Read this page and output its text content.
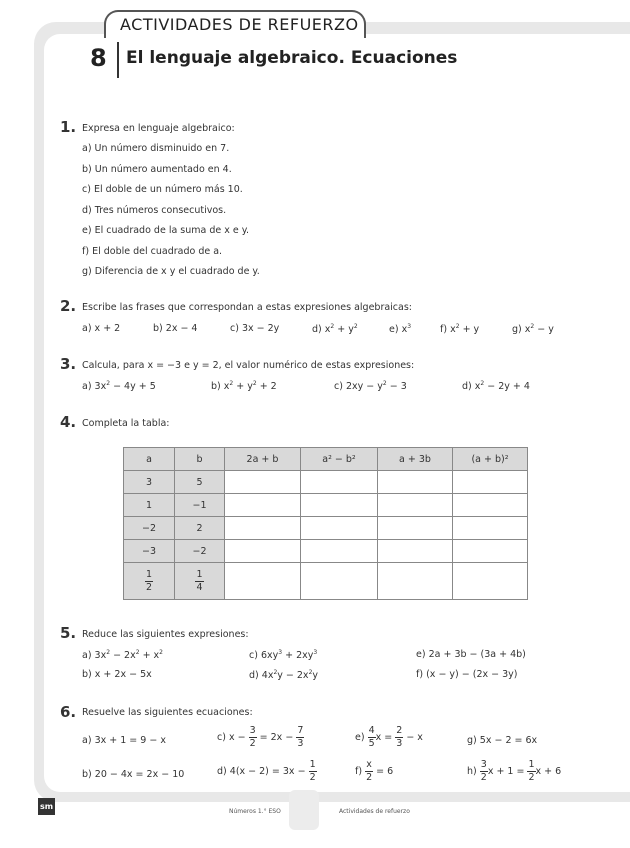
ACTIVIDADES DE REFUERZO
8 El lenguaje algebraico. Ecuaciones
1. Expresa en lenguaje algebraico:
a) Un número disminuido en 7.
b) Un número aumentado en 4.
c) El doble de un número más 10.
d) Tres números consecutivos.
e) El cuadrado de la suma de x e y.
f) El doble del cuadrado de a.
g) Diferencia de x y el cuadrado de y.
2. Escribe las frases que correspondan a estas expresiones algebraicas:
a) x + 2	b) 2x − 4	c) 3x − 2y	d) $x^2 + y^2$	e) $x^3$	f) $x^2 + y$	g) $x^2 - y$
3. Calcula, para x = −3 e y = 2, el valor numérico de estas expresiones:
a) $3x^2 - 4y + 5$	b) $x^2 + y^2 + 2$	c) $2xy - y^2 - 3$	d) $x^2 - 2y + 4$
4. Completa la tabla:
a	b	2a + b	a² − b²	a + 3b	(a + b)²
3	5				
1	−1				
−2	2				
−3	−2				

$\frac{1}{2}$	$\frac{1}{4}$

5. Reduce las siguientes expresiones:
a) $3x^2 - 2x^2 + x^2$	c) $6xy^3 + 2xy^3$	e) 2a + 3b − (3a + 4b)
b) x + 2x − 5x	d) $4x^2y - 2x^2y$	f) (x − y) − (2x − 3y)
6. Resuelve las siguientes ecuaciones:
a) 3x + 1 = 9 − x	c) $x - \frac{3}{2} = 2x - \frac{7}{3}$	$e) \frac{4}{5}$ $x = \frac{2}{3} - x$	g) 5x − 2 = 6x
b) 20 − 4x = 2x − 10	d) $4(x - 2) = 3x - \frac{1}{2}$	$f) \frac{x}{2} = 6$	$h) \frac{3}{2}$ $x + 1 = \frac{1}{2}$ x + 6
sm
Números 1.° ESO	Actividades de refuerzo
